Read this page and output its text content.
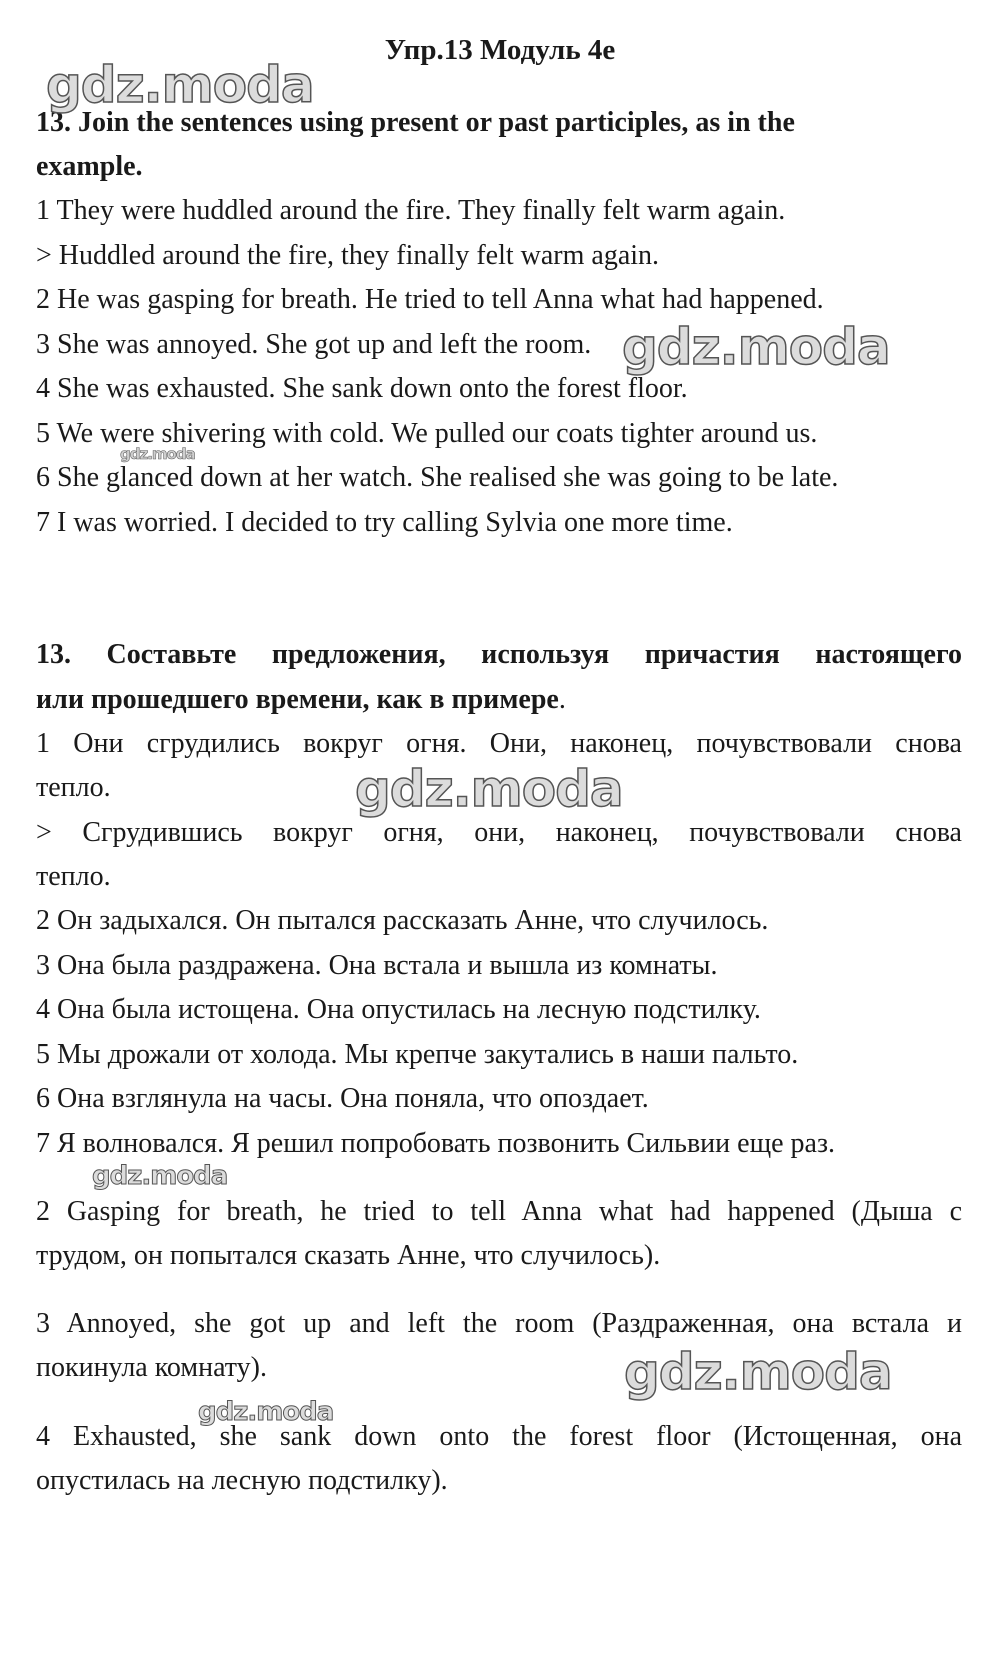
Упр.13 Модуль 4е
13. Join the sentences using present or past participles, as in the
example.
1 They were huddled around the fire. They finally felt warm again.
> Huddled around the fire, they finally felt warm again.
2 He was gasping for breath. He tried to tell Anna what had happened.
3 She was annoyed. She got up and left the room.
4 She was exhausted. She sank down onto the forest floor.
5 We were shivering with cold. We pulled our coats tighter around us.
6 She glanced down at her watch. She realised she was going to be late.
7 I was worried. I decided to try calling Sylvia one more time.
13. Составьте предложения, используя причастия настоящего
или прошедшего времени, как в примере.
1 Они сгрудились вокруг огня. Они, наконец, почувствовали снова
тепло.
> Сгрудившись вокруг огня, они, наконец, почувствовали снова
тепло.
2 Он задыхался. Он пытался рассказать Анне, что случилось.
3 Она была раздражена. Она встала и вышла из комнаты.
4 Она была истощена. Она опустилась на лесную подстилку.
5 Мы дрожали от холода. Мы крепче закутались в наши пальто.
6 Она взглянула на часы. Она поняла, что опоздает.
7 Я волновался. Я решил попробовать позвонить Сильвии еще раз.
2 Gasping for breath, he tried to tell Anna what had happened (Дыша с
трудом, он попытался сказать Анне, что случилось).
3 Annoyed, she got up and left the room (Раздраженная, она встала и
покинула комнату).
4 Exhausted, she sank down onto the forest floor (Истощенная, она
опустилась на лесную подстилку).
gdz.moda
gdz.moda
gdz.moda
gdz.moda
gdz.moda
gdz.moda
gdz.moda
